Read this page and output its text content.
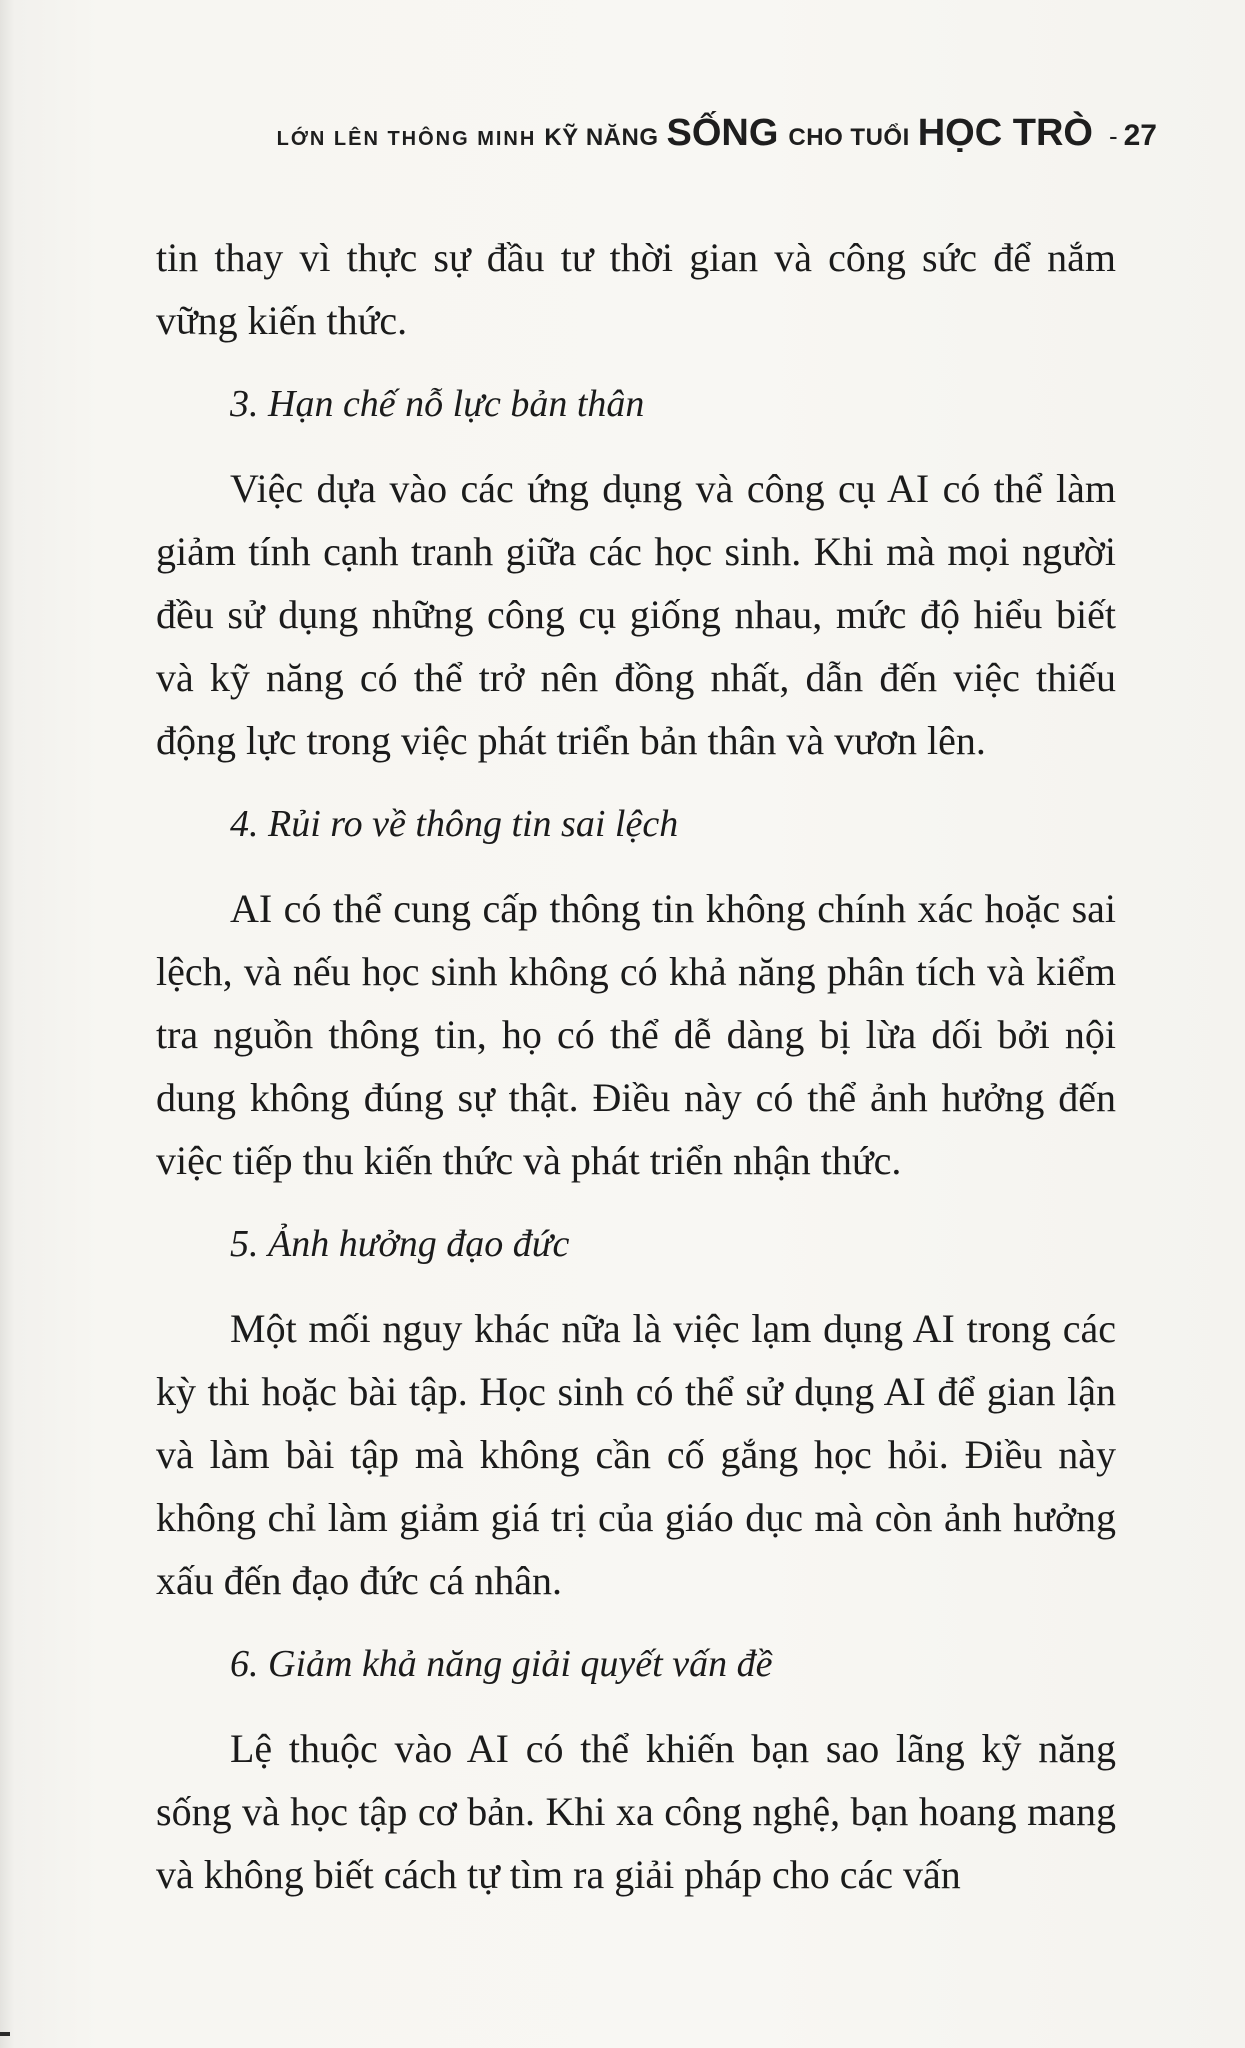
LỚN LÊN THÔNG MINH KỸ NĂNG SỐNG CHO TUỔI HỌC TRÒ - 27

tin thay vì thực sự đầu tư thời gian và công sức để nắm vững kiến thức.

3. Hạn chế nỗ lực bản thân

Việc dựa vào các ứng dụng và công cụ AI có thể làm giảm tính cạnh tranh giữa các học sinh. Khi mà mọi người đều sử dụng những công cụ giống nhau, mức độ hiểu biết và kỹ năng có thể trở nên đồng nhất, dẫn đến việc thiếu động lực trong việc phát triển bản thân và vươn lên.

4. Rủi ro về thông tin sai lệch

AI có thể cung cấp thông tin không chính xác hoặc sai lệch, và nếu học sinh không có khả năng phân tích và kiểm tra nguồn thông tin, họ có thể dễ dàng bị lừa dối bởi nội dung không đúng sự thật. Điều này có thể ảnh hưởng đến việc tiếp thu kiến thức và phát triển nhận thức.

5. Ảnh hưởng đạo đức

Một mối nguy khác nữa là việc lạm dụng AI trong các kỳ thi hoặc bài tập. Học sinh có thể sử dụng AI để gian lận và làm bài tập mà không cần cố gắng học hỏi. Điều này không chỉ làm giảm giá trị của giáo dục mà còn ảnh hưởng xấu đến đạo đức cá nhân.

6. Giảm khả năng giải quyết vấn đề

Lệ thuộc vào AI có thể khiến bạn sao lãng kỹ năng sống và học tập cơ bản. Khi xa công nghệ, bạn hoang mang và không biết cách tự tìm ra giải pháp cho các vấn
